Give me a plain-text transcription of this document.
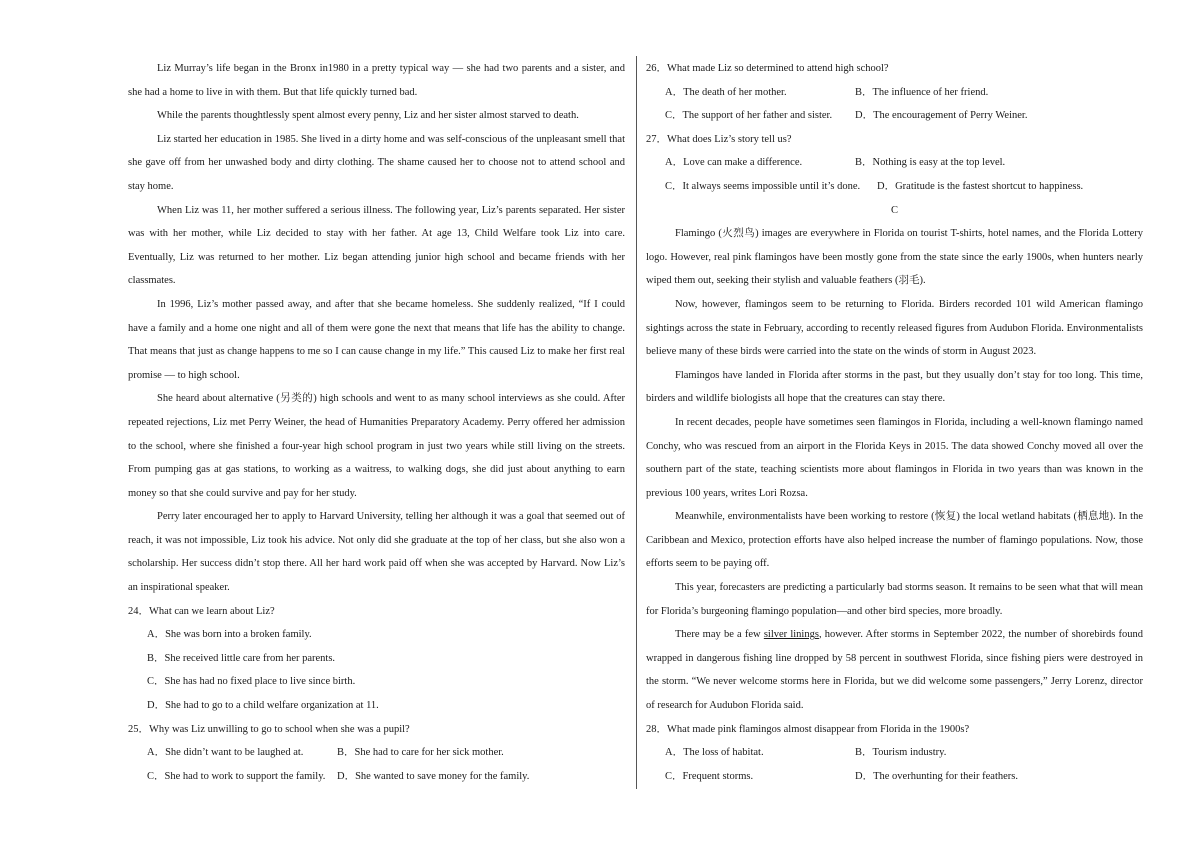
Liz Murray’s life began in the Bronx in1980 in a pretty typical way — she had two parents and a sister, and she had a home to live in with them. But that life quickly turned bad.

While the parents thoughtlessly spent almost every penny, Liz and her sister almost starved to death.

Liz started her education in 1985. She lived in a dirty home and was self-conscious of the unpleasant smell that she gave off from her unwashed body and dirty clothing. The shame caused her to choose not to attend school and stay home.

When Liz was 11, her mother suffered a serious illness. The following year, Liz’s parents separated. Her sister was with her mother, while Liz decided to stay with her father. At age 13, Child Welfare took Liz into care. Eventually, Liz was returned to her mother. Liz began attending junior high school and became friends with her classmates.

In 1996, Liz’s mother passed away, and after that she became homeless. She suddenly realized, “If I could have a family and a home one night and all of them were gone the next that means that life has the ability to change. That means that just as change happens to me so I can cause change in my life.” This caused Liz to make her first real promise — to high school.

She heard about alternative (另类的) high schools and went to as many school interviews as she could. After repeated rejections, Liz met Perry Weiner, the head of Humanities Preparatory Academy. Perry offered her admission to the school, where she finished a four-year high school program in just two years while still living on the streets. From pumping gas at gas stations, to working as a waitress, to walking dogs, she did just about anything to earn money so that she could survive and pay for her study.

Perry later encouraged her to apply to Harvard University, telling her although it was a goal that seemed out of reach, it was not impossible, Liz took his advice. Not only did she graduate at the top of her class, but she also won a scholarship. Her success didn’t stop there. All her hard work paid off when she was accepted by Harvard. Now Liz’s an inspirational speaker.

24．What can we learn about Liz?

A．She was born into a broken family.

B．She received little care from her parents.

C．She has had no fixed place to live since birth.

D．She had to go to a child welfare organization at 11.

25．Why was Liz unwilling to go to school when she was a pupil?

A．She didn’t want to be laughed at.	B．She had to care for her sick mother.
C．She had to work to support the family.	D．She wanted to save money for the family.

26．What made Liz so determined to attend high school?

A．The death of her mother.	B．The influence of her friend.
C．The support of her father and sister.	D．The encouragement of Perry Weiner.

27．What does Liz’s story tell us?

A．Love can make a difference.	B．Nothing is easy at the top level.
C．It always seems impossible until it’s done.	D．Gratitude is the fastest shortcut to happiness.

C

Flamingo (火烈鸟) images are everywhere in Florida on tourist T-shirts, hotel names, and the Florida Lottery logo. However, real pink flamingos have been mostly gone from the state since the early 1900s, when hunters nearly wiped them out, seeking their stylish and valuable feathers (羽毛).

Now, however, flamingos seem to be returning to Florida. Birders recorded 101 wild American flamingo sightings across the state in February, according to recently released figures from Audubon Florida. Environmentalists believe many of these birds were carried into the state on the winds of storm in August 2023.

Flamingos have landed in Florida after storms in the past, but they usually don’t stay for too long. This time, birders and wildlife biologists all hope that the creatures can stay there.

In recent decades, people have sometimes seen flamingos in Florida, including a well-known flamingo named Conchy, who was rescued from an airport in the Florida Keys in 2015. The data showed Conchy moved all over the southern part of the state, teaching scientists more about flamingos in Florida in two years than was known in the previous 100 years, writes Lori Rozsa.

Meanwhile, environmentalists have been working to restore (恢复) the local wetland habitats (栖息地). In the Caribbean and Mexico, protection efforts have also helped increase the number of flamingo populations. Now, those efforts seem to be paying off.

This year, forecasters are predicting a particularly bad storms season. It remains to be seen what that will mean for Florida’s burgeoning flamingo population—and other bird species, more broadly.

There may be a few silver linings, however. After storms in September 2022, the number of shorebirds found wrapped in dangerous fishing line dropped by 58 percent in southwest Florida, since fishing piers were destroyed in the storm. “We never welcome storms here in Florida, but we did welcome some passengers,” Jerry Lorenz, director of research for Audubon Florida said.

28．What made pink flamingos almost disappear from Florida in the 1900s?

A．The loss of habitat.	B．Tourism industry.
C．Frequent storms.	D．The overhunting for their feathers.
